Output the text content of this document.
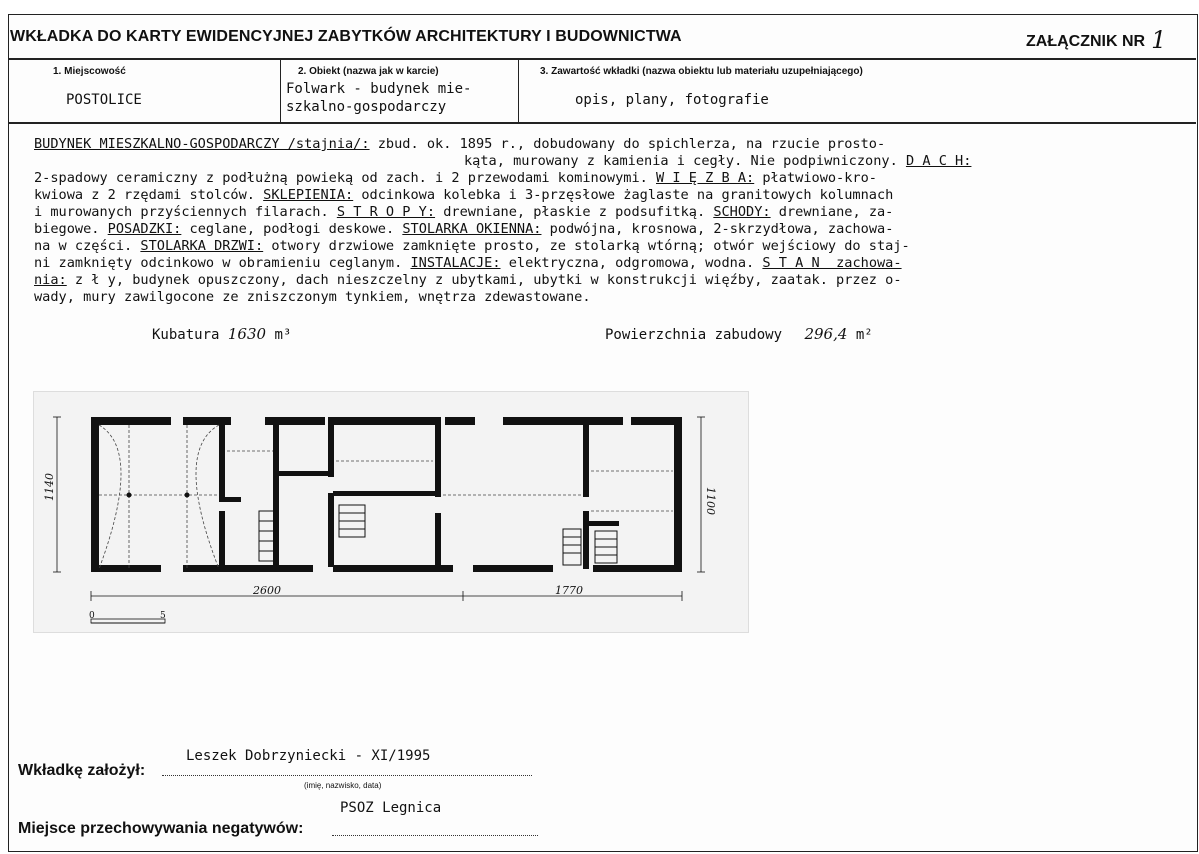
WKŁADKA DO KARTY EWIDENCYJNEJ ZABYTKÓW ARCHITEKTURY I BUDOWNICTWA	ZAŁĄCZNIK NR 1
1. Miejscowość
POSTOLICE
2. Obiekt (nazwa jak w karcie)
Folwark - budynek mie-
szkalno-gospodarczy
3. Zawartość wkładki (nazwa obiektu lub materiału uzupełniającego)
opis, plany, fotografie
BUDYNEK MIESZKALNO-GOSPODARCZY /stajnia/: zbud. ok. 1895 r., dobudowany do spichlerza, na rzucie prosto-
kąta, murowany z kamienia i cegły. Nie podpiwniczony. D A C H:
2-spadowy ceramiczny z podłużną powieką od zach. i 2 przewodami kominowymi. W I Ę Z B A: płatwiowo-kro-
kwiowa z 2 rzędami stolców. SKLEPIENIA: odcinkowa kolebka i 3-przęsłowe żaglaste na granitowych kolumnach
i murowanych przyściennych filarach. S T R O P Y: drewniane, płaskie z podsufitką. SCHODY: drewniane, za-
biegowe. POSADZKI: ceglane, podłogi deskowe. STOLARKA OKIENNA: podwójna, krosnowa, 2-skrzydłowa, zachowa-
na w części. STOLARKA DRZWI: otwory drzwiowe zamknięte prosto, ze stolarką wtórną; otwór wejściowy do staj-
ni zamknięty odcinkowo w obramieniu ceglanym. INSTALACJE: elektryczna, odgromowa, wodna. S T A N  zachowa-
nia: z ł y, budynek opuszczony, dach nieszczelny z ubytkami, ubytki w konstrukcji więźby, zaatak. przez o-
wady, mury zawilgocone ze zniszczonym tynkiem, wnętrza zdewastowane.
Kubatura 1630 m³	Powierzchnia zabudowy 296,4 m²
1140	1100
2600	1770
0	5
Wkładkę założył:
Leszek Dobrzyniecki - XI/1995
(imię, nazwisko, data)
Miejsce przechowywania negatywów:
PSOZ Legnica
